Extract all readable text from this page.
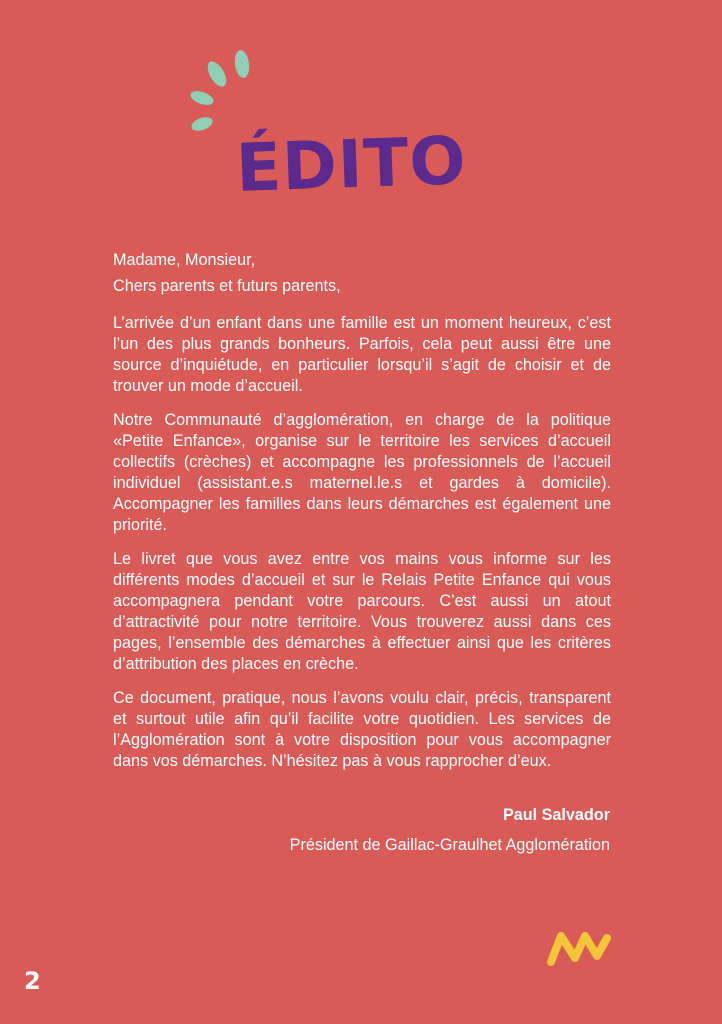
ÉDITO

Madame, Monsieur,

Chers parents et futurs parents,

L’arrivée d’un enfant dans une famille est un moment heureux, c’est l’un des plus grands bonheurs. Parfois, cela peut aussi être une source d’inquiétude, en particulier lorsqu’il s’agit de choisir et de trouver un mode d’accueil.

Notre Communauté d’agglomération, en charge de la politique «Petite Enfance», organise sur le territoire les services d’accueil collectifs (crèches) et accompagne les professionnels de l’accueil individuel (assistant.e.s maternel.le.s et gardes à domicile). Accompagner les familles dans leurs démarches est également une priorité.

Le livret que vous avez entre vos mains vous informe sur les différents modes d’accueil et sur le Relais Petite Enfance qui vous accompagnera pendant votre parcours. C’est aussi un atout d’attractivité pour notre territoire. Vous trouverez aussi dans ces pages, l’ensemble des démarches à effectuer ainsi que les critères d’attribution des places en crèche.

Ce document, pratique, nous l’avons voulu clair, précis, transparent et surtout utile afin qu’il facilite votre quotidien. Les services de l’Agglomération sont à votre disposition pour vous accompagner dans vos démarches. N’hésitez pas à vous rapprocher d’eux.

Paul Salvador
Président de Gaillac-Graulhet Agglomération
2
